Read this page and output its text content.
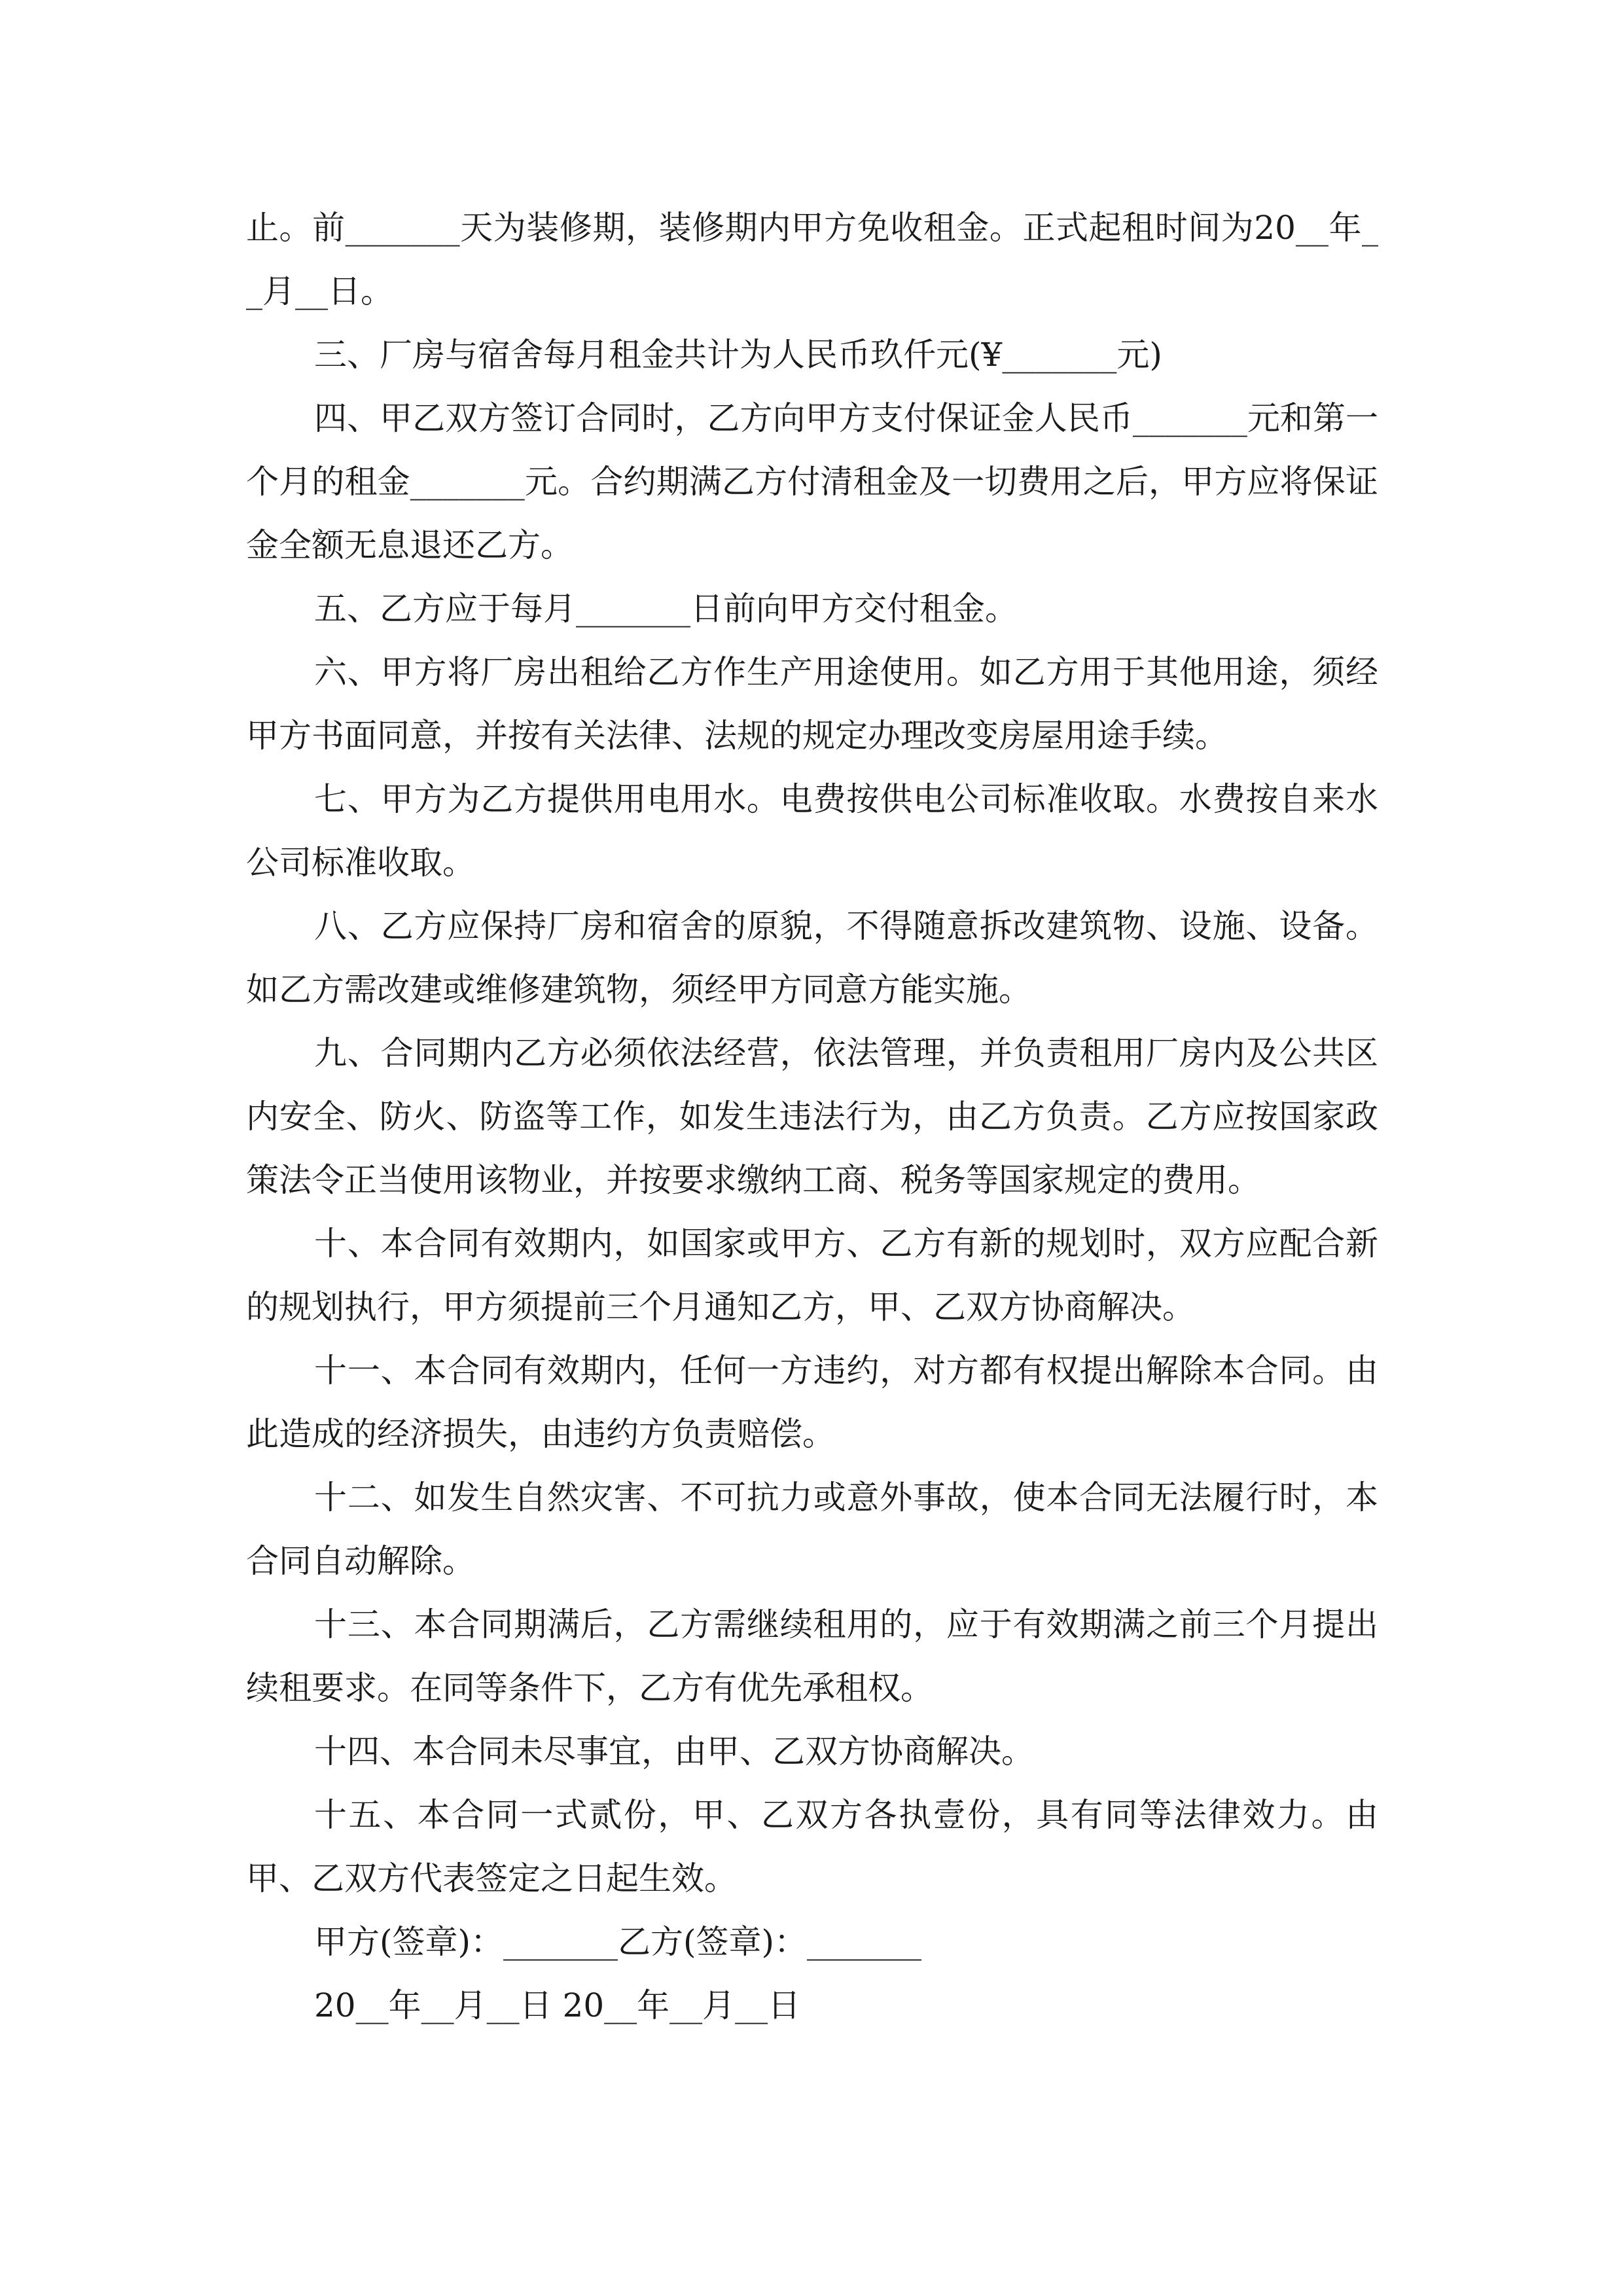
止。前_______天为装修期，装修期内甲方免收租金。正式起租时间为20__年__月__日。

三、厂房与宿舍每月租金共计为人民币玖仟元(¥_______元)

四、甲乙双方签订合同时，乙方向甲方支付保证金人民币_______元和第一个月的租金_______元。合约期满乙方付清租金及一切费用之后，甲方应将保证金全额无息退还乙方。

五、乙方应于每月_______日前向甲方交付租金。

六、甲方将厂房出租给乙方作生产用途使用。如乙方用于其他用途，须经甲方书面同意，并按有关法律、法规的规定办理改变房屋用途手续。

七、甲方为乙方提供用电用水。电费按供电公司标准收取。水费按自来水公司标准收取。

八、乙方应保持厂房和宿舍的原貌，不得随意拆改建筑物、设施、设备。如乙方需改建或维修建筑物，须经甲方同意方能实施。

九、合同期内乙方必须依法经营，依法管理，并负责租用厂房内及公共区内安全、防火、防盗等工作，如发生违法行为，由乙方负责。乙方应按国家政策法令正当使用该物业，并按要求缴纳工商、税务等国家规定的费用。

十、本合同有效期内，如国家或甲方、乙方有新的规划时，双方应配合新的规划执行，甲方须提前三个月通知乙方，甲、乙双方协商解决。

十一、本合同有效期内，任何一方违约，对方都有权提出解除本合同。由此造成的经济损失，由违约方负责赔偿。

十二、如发生自然灾害、不可抗力或意外事故，使本合同无法履行时，本合同自动解除。

十三、本合同期满后，乙方需继续租用的，应于有效期满之前三个月提出续租要求。在同等条件下，乙方有优先承租权。

十四、本合同未尽事宜，由甲、乙双方协商解决。

十五、本合同一式贰份，甲、乙双方各执壹份，具有同等法律效力。由甲、乙双方代表签定之日起生效。

甲方(签章)：_______乙方(签章)：_______

20__年__月__日 20__年__月__日
